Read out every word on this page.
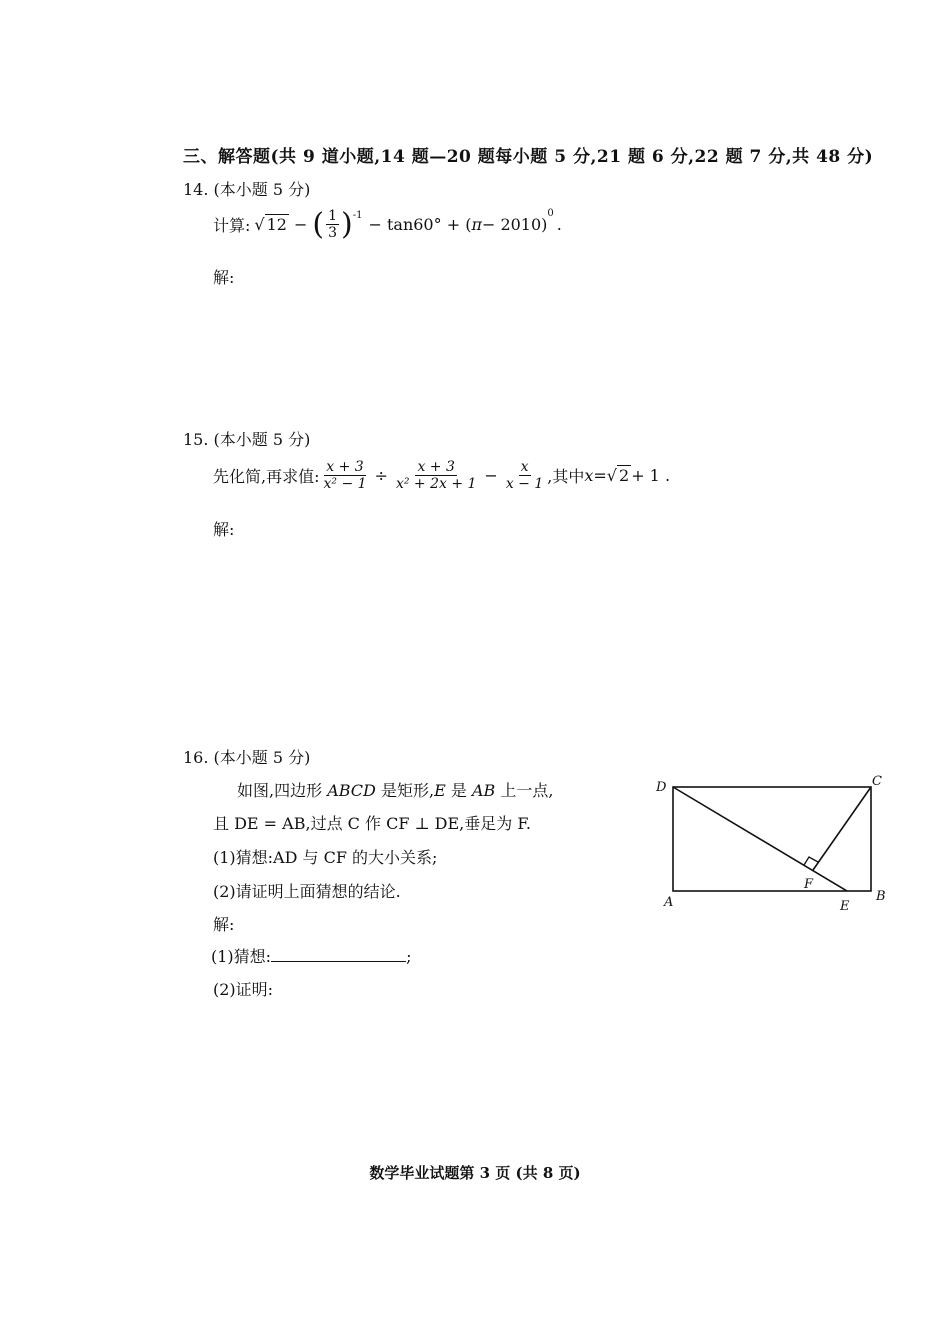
三、解答题(共 9 道小题,14 题—20 题每小题 5 分,21 题 6 分,22 题 7 分,共 48 分)
14. (本小题 5 分)
计算: √ 12 − ( $\frac{1}{3} )^{-1} - \tan 60^\circ$ + ( π − 2010)
$^0$
.
解:
15. (本小题 5 分)
先化简,再求值: $\frac{x + 3}{\text{x² − 1}} \div \frac{x + 3}{\text{x² + 2x + 1}} - \frac{x}{x - 1}$ ,其中 x = √ 2 + 1 .
解:
16. (本小题 5 分)
如图,四边形 ABCD 是矩形,E 是 AB 上一点,
且 DE = AB,过点 C 作 CF ⊥ DE,垂足为 F.
(1)猜想:AD 与 CF 的大小关系;
(2)请证明上面猜想的结论.
解:
(1)猜想:	;
(2)证明:
D	C
A	B
E
F
数学毕业试题第 3 页 (共 8 页)
